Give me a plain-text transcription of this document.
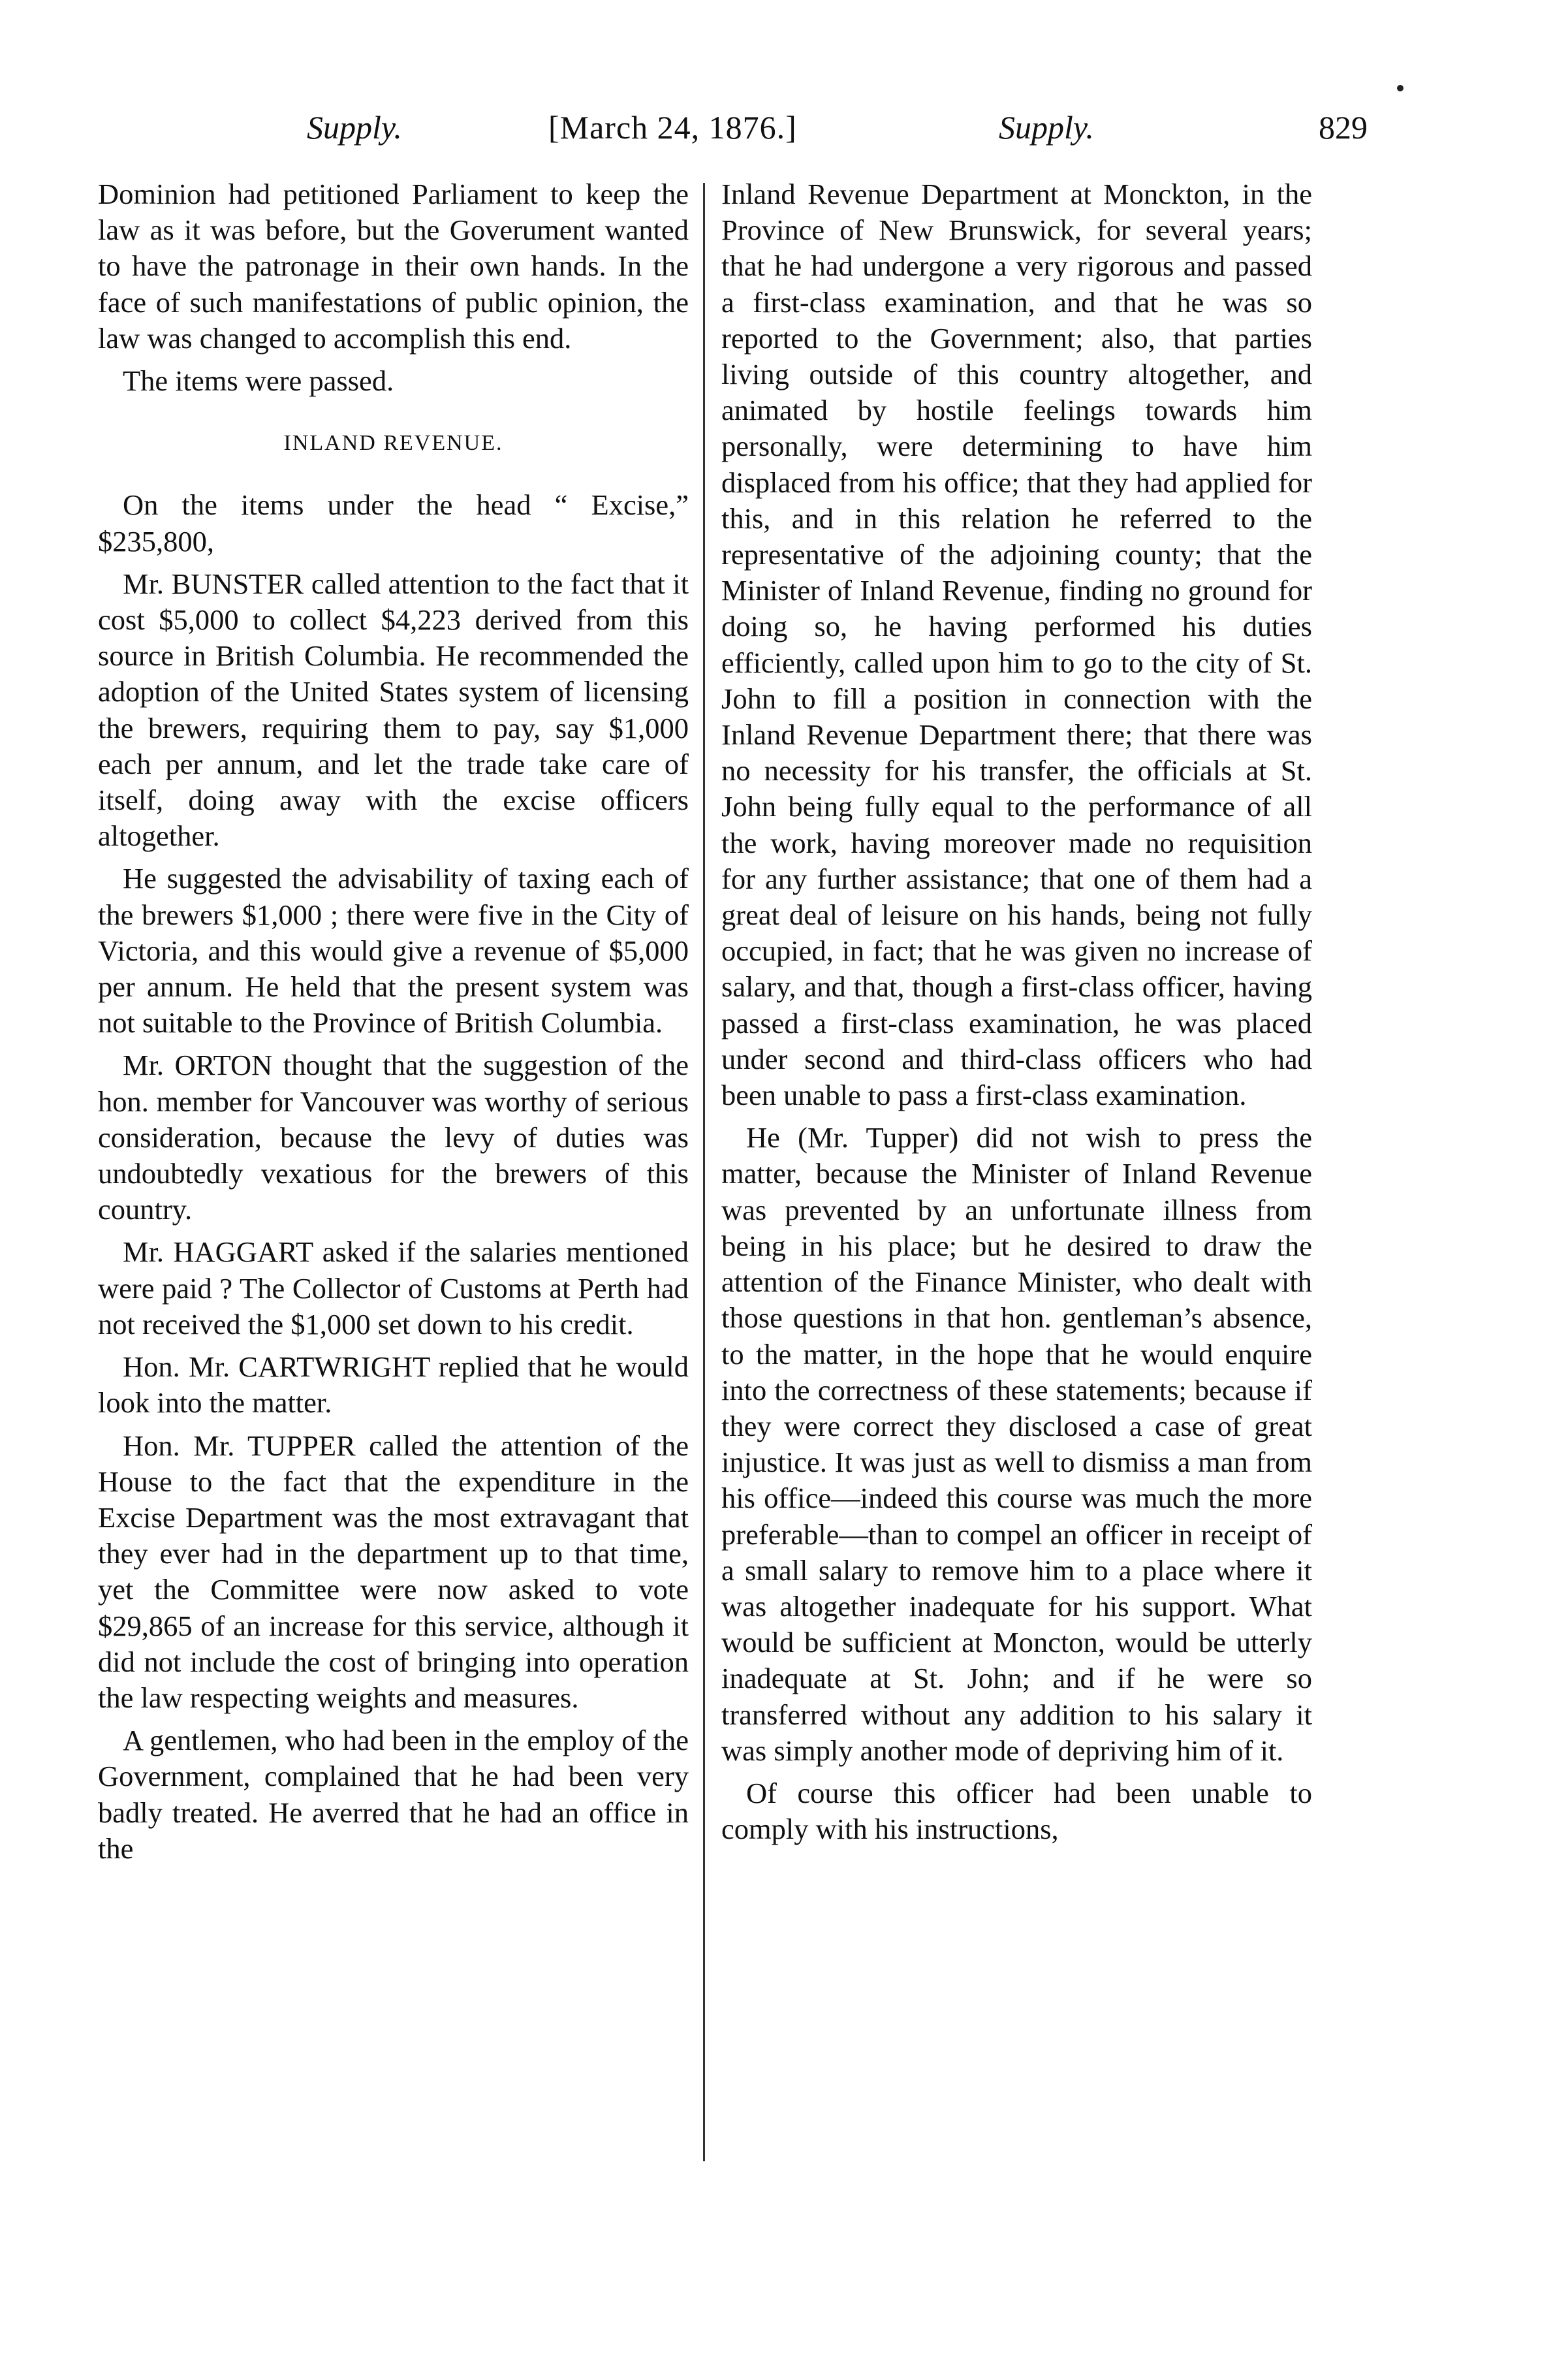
Supply.	[March 24, 1876.]	Supply.	829

Dominion had petitioned Parliament to keep the law as it was before, but the Goverument wanted to have the patronage in their own hands. In the face of such manifestations of public opinion, the law was changed to accomplish this end.

The items were passed.

INLAND REVENUE.

On the items under the head “ Excise,” $235,800,

Mr. BUNSTER called attention to the fact that it cost $5,000 to collect $4,223 derived from this source in British Columbia. He recommended the adoption of the United States system of licensing the brewers, requiring them to pay, say $1,000 each per annum, and let the trade take care of itself, doing away with the excise officers altogether.

He suggested the advisability of taxing each of the brewers $1,000 ; there were five in the City of Victoria, and this would give a revenue of $5,000 per annum. He held that the present system was not suitable to the Province of British Columbia.

Mr. ORTON thought that the suggestion of the hon. member for Vancouver was worthy of serious consideration, because the levy of duties was undoubtedly vexatious for the brewers of this country.

Mr. HAGGART asked if the salaries mentioned were paid ? The Collector of Customs at Perth had not received the $1,000 set down to his credit.

Hon. Mr. CARTWRIGHT replied that he would look into the matter.

Hon. Mr. TUPPER called the attention of the House to the fact that the expenditure in the Excise Department was the most extravagant that they ever had in the department up to that time, yet the Committee were now asked to vote $29,865 of an increase for this service, although it did not include the cost of bringing into operation the law respecting weights and measures.

A gentlemen, who had been in the employ of the Government, complained that he had been very badly treated. He averred that he had an office in the

Inland Revenue Department at Monckton, in the Province of New Brunswick, for several years; that he had undergone a very rigorous and passed a first-class examination, and that he was so reported to the Government; also, that parties living outside of this country altogether, and animated by hostile feelings towards him personally, were determining to have him displaced from his office; that they had applied for this, and in this relation he referred to the representative of the adjoining county; that the Minister of Inland Revenue, finding no ground for doing so, he having performed his duties efficiently, called upon him to go to the city of St. John to fill a position in connection with the Inland Revenue Department there; that there was no necessity for his transfer, the officials at St. John being fully equal to the performance of all the work, having moreover made no requisition for any further assistance; that one of them had a great deal of leisure on his hands, being not fully occupied, in fact; that he was given no increase of salary, and that, though a first-class officer, having passed a first-class examination, he was placed under second and third-class officers who had been unable to pass a first-class examination.

He (Mr. Tupper) did not wish to press the matter, because the Minister of Inland Revenue was prevented by an unfortunate illness from being in his place; but he desired to draw the attention of the Finance Minister, who dealt with those questions in that hon. gentleman’s absence, to the matter, in the hope that he would enquire into the correctness of these statements; because if they were correct they disclosed a case of great injustice. It was just as well to dismiss a man from his office—indeed this course was much the more preferable—than to compel an officer in receipt of a small salary to remove him to a place where it was altogether inadequate for his support. What would be sufficient at Moncton, would be utterly inadequate at St. John; and if he were so transferred without any addition to his salary it was simply another mode of depriving him of it.

Of course this officer had been unable to comply with his instructions,
